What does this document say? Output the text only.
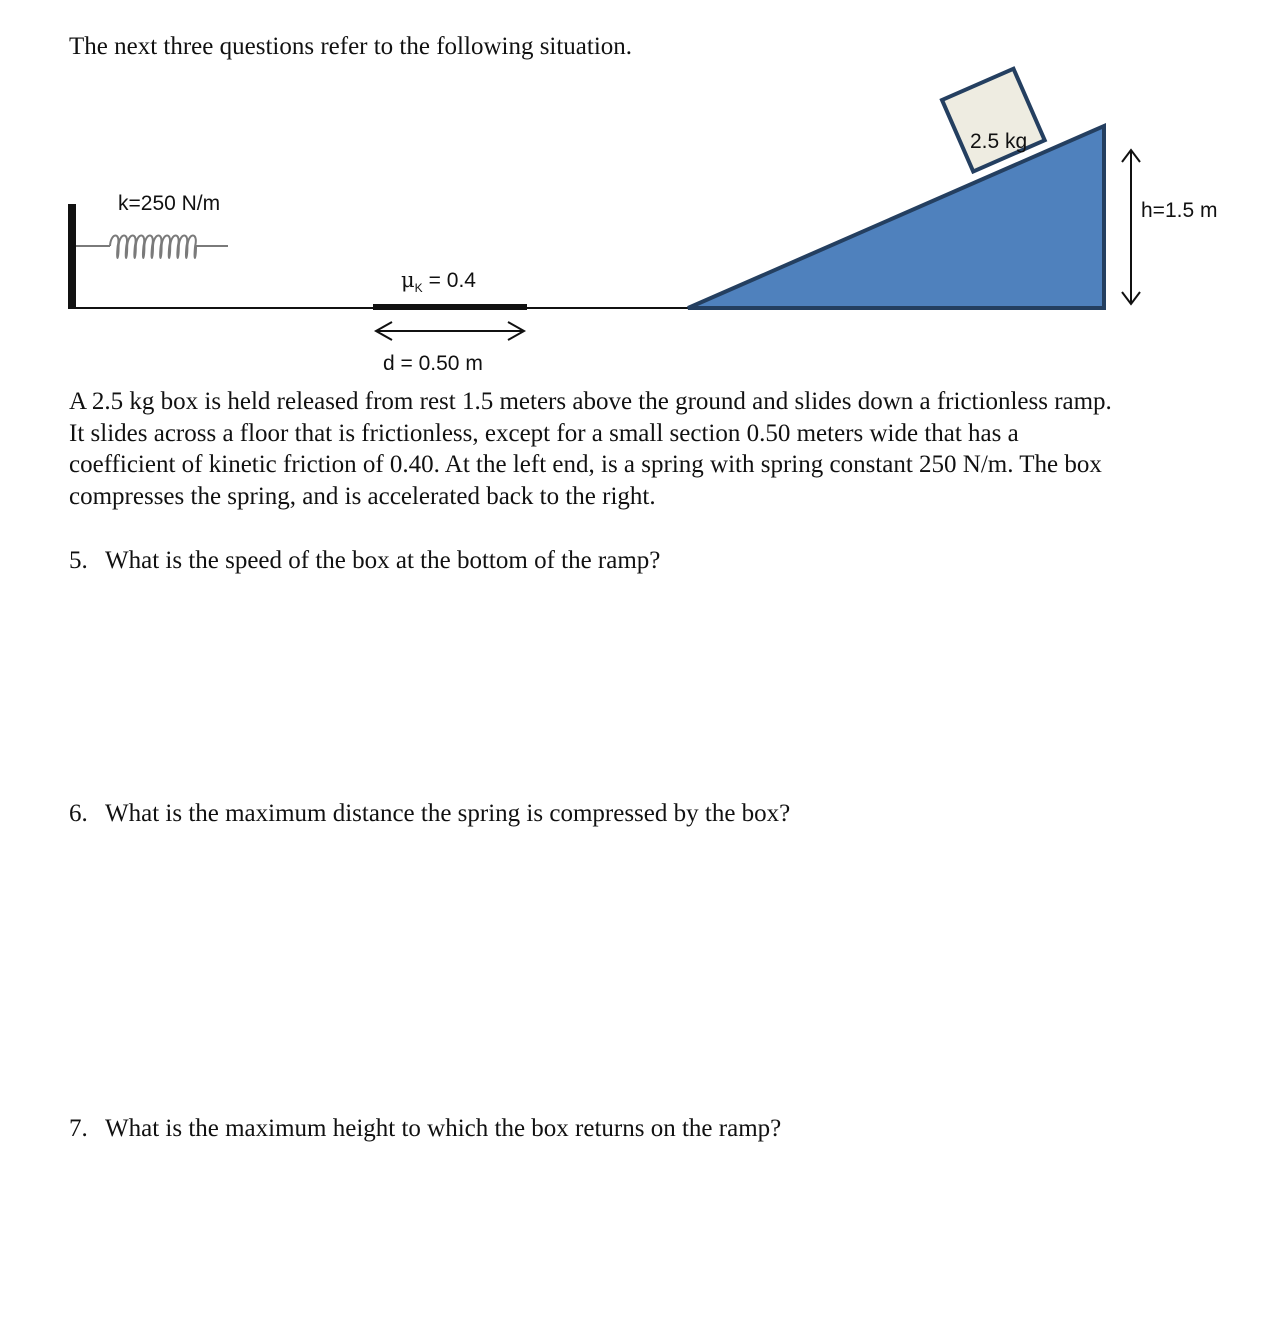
The next three questions refer to the following situation.
k=250 N/m
$\mu_K = 0.4$
d = 0.50 m
2.5 kg
h=1.5 m

A 2.5 kg box is held released from rest 1.5 meters above the ground and slides down a frictionless ramp. It slides across a floor that is frictionless, except for a small section 0.50 meters wide that has a coefficient of kinetic friction of 0.40. At the left end, is a spring with spring constant 250 N/m. The box compresses the spring, and is accelerated back to the right.

5. What is the speed of the box at the bottom of the ramp?
6. What is the maximum distance the spring is compressed by the box?
7. What is the maximum height to which the box returns on the ramp?
